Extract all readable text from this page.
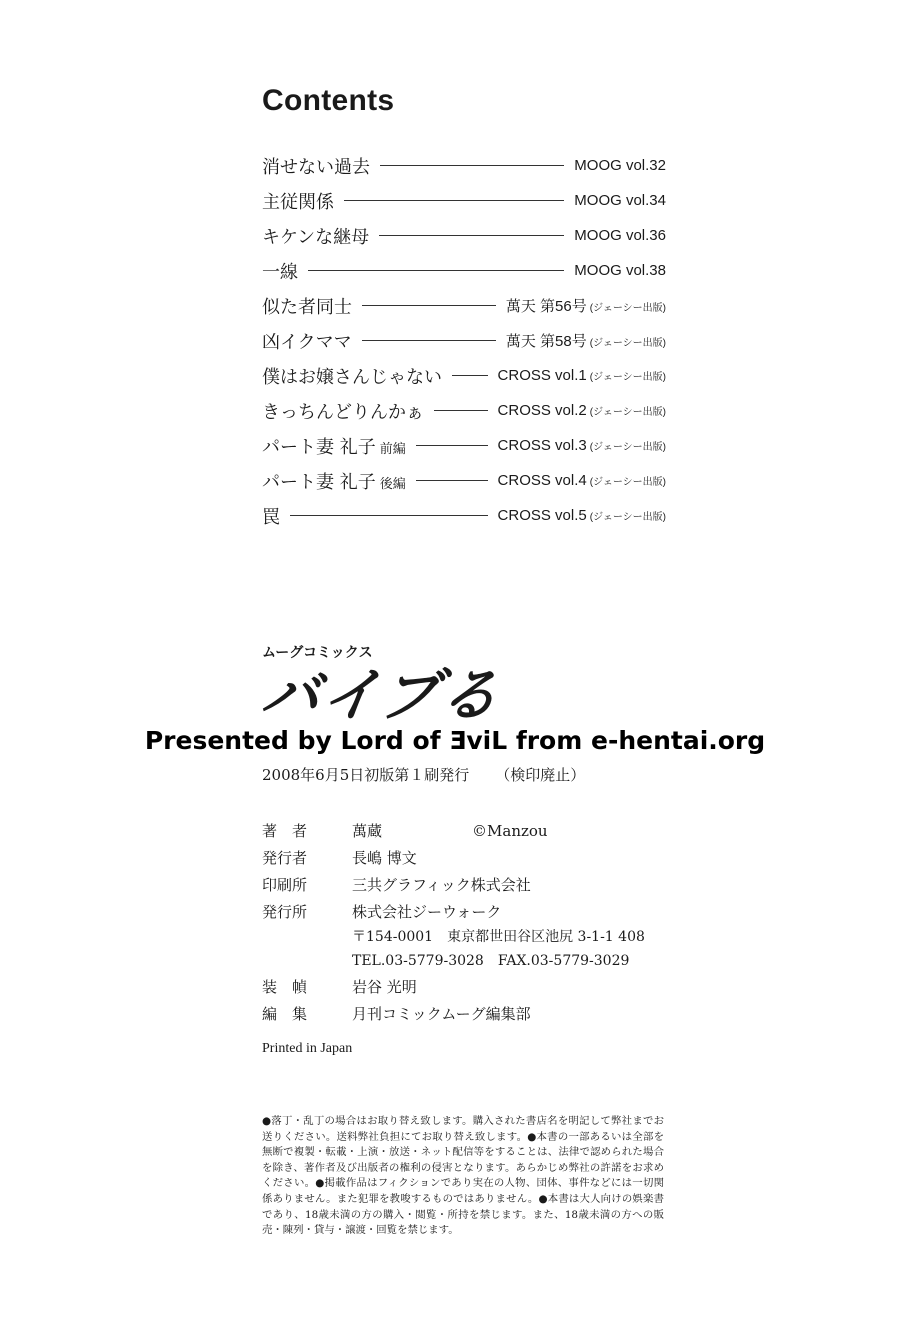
Contents
消せない過去	MOOG vol.32
主従関係	MOOG vol.34
キケンな継母	MOOG vol.36
一線	MOOG vol.38
似た者同士	萬天 第56号 (ジェーシー出版)
凶イクママ	萬天 第58号 (ジェーシー出版)
僕はお嬢さんじゃない	CROSS vol.1 (ジェーシー出版)
きっちんどりんかぁ	CROSS vol.2 (ジェーシー出版)
パート妻 礼子 前編	CROSS vol.3 (ジェーシー出版)
パート妻 礼子 後編	CROSS vol.4 (ジェーシー出版)
罠	CROSS vol.5 (ジェーシー出版)
ムーグコミックス
バイブる
Presented by Lord of ƎviL from e-hentai.org
2008年6月5日初版第１刷発行 （検印廃止）
著　者	萬蔵	©Manzou
発行者	長嶋 博文
印刷所	三共グラフィック株式会社
発行所	株式会社ジーウォーク
〒154-0001　東京都世田谷区池尻 3-1-1 408
TEL.03-5779-3028　FAX.03-5779-3029
装　幀	岩谷 光明
編　集	月刊コミックムーグ編集部
Printed in Japan
●落丁・乱丁の場合はお取り替え致します。購入された書店名を明記して弊社までお送りください。送料弊社負担にてお取り替え致します。●本書の一部あるいは全部を無断で複製・転載・上演・放送・ネット配信等をすることは、法律で認められた場合を除き、著作者及び出版者の権利の侵害となります。あらかじめ弊社の許諾をお求めください。●掲載作品はフィクションであり実在の人物、団体、事件などには一切関係ありません。また犯罪を教唆するものではありません。●本書は大人向けの娯楽書であり、18歳未満の方の購入・閲覧・所持を禁じます。また、18歳未満の方への販売・陳列・貸与・譲渡・回覧を禁じます。
